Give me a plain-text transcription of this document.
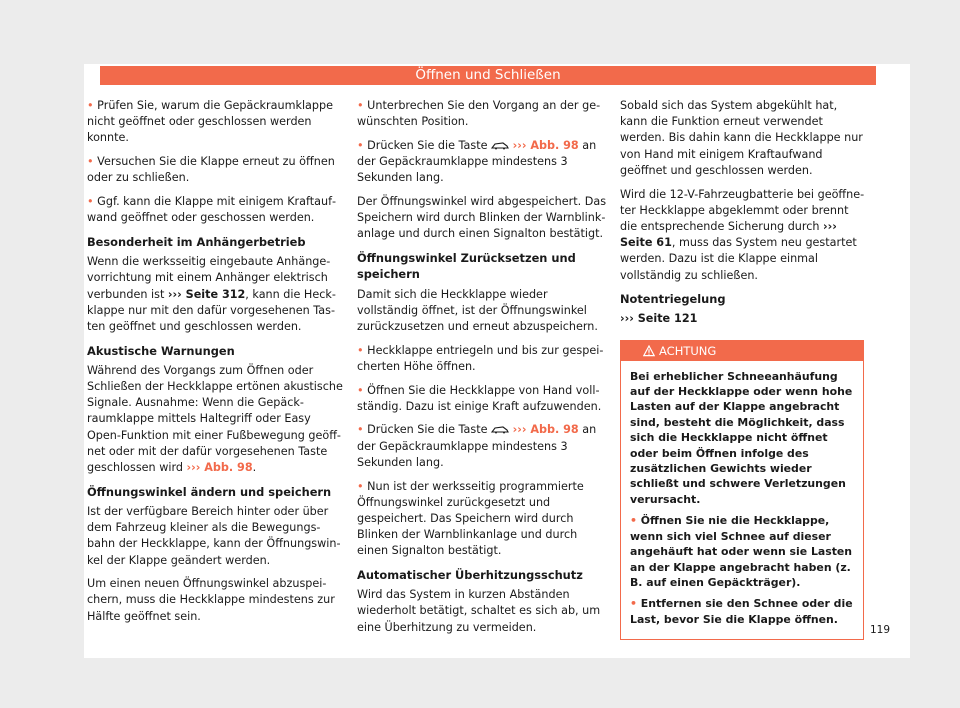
Öffnen und Schließen

• Prüfen Sie, warum die Gepäckraumklappe nicht geöffnet oder geschlossen werden konnte.

• Versuchen Sie die Klappe erneut zu öffnen oder zu schließen.

• Ggf. kann die Klappe mit einigem Kraftaufwand geöffnet oder geschossen werden.

Besonderheit im Anhängerbetrieb

Wenn die werksseitig eingebaute Anhängevorrichtung mit einem Anhänger elektrisch verbunden ist ››› Seite 312, kann die Heckklappe nur mit den dafür vorgesehenen Tasten geöffnet und geschlossen werden.

Akustische Warnungen

Während des Vorgangs zum Öffnen oder Schließen der Heckklappe ertönen akustische Signale. Ausnahme: Wenn die Gepäckraumklappe mittels Haltegriff oder Easy Open-Funktion mit einer Fußbewegung geöffnet oder mit der dafür vorgesehenen Taste geschlossen wird ››› Abb. 98.

Öffnungswinkel ändern und speichern

Ist der verfügbare Bereich hinter oder über dem Fahrzeug kleiner als die Bewegungsbahn der Heckklappe, kann der Öffnungswinkel der Klappe geändert werden.

Um einen neuen Öffnungswinkel abzuspeichern, muss die Heckklappe mindestens zur Hälfte geöffnet sein.

• Unterbrechen Sie den Vorgang an der gewünschten Position.

• Drücken Sie die Taste  ››› Abb. 98 an der Gepäckraumklappe mindestens 3 Sekunden lang.

Der Öffnungswinkel wird abgespeichert. Das Speichern wird durch Blinken der Warnblinkanlage und durch einen Signalton bestätigt.

Öffnungswinkel Zurücksetzen und speichern

Damit sich die Heckklappe wieder vollständig öffnet, ist der Öffnungswinkel zurückzusetzen und erneut abzuspeichern.

• Heckklappe entriegeln und bis zur gespeicherten Höhe öffnen.

• Öffnen Sie die Heckklappe von Hand vollständig. Dazu ist einige Kraft aufzuwenden.

• Drücken Sie die Taste  ››› Abb. 98 an der Gepäckraumklappe mindestens 3 Sekunden lang.

• Nun ist der werksseitig programmierte Öffnungswinkel zurückgesetzt und gespeichert. Das Speichern wird durch Blinken der Warnblinkanlage und durch einen Signalton bestätigt.

Automatischer Überhitzungsschutz

Wird das System in kurzen Abständen wiederholt betätigt, schaltet es sich ab, um eine Überhitzung zu vermeiden.

Sobald sich das System abgekühlt hat, kann die Funktion erneut verwendet werden. Bis dahin kann die Heckklappe nur von Hand mit einigem Kraftaufwand geöffnet und geschlossen werden.

Wird die 12-V-Fahrzeugbatterie bei geöffneter Heckklappe abgeklemmt oder brennt die entsprechende Sicherung durch ››› Seite 61, muss das System neu gestartet werden. Dazu ist die Klappe einmal vollständig zu schließen.

Notentriegelung

››› Seite 121

ACHTUNG

Bei erheblicher Schneeanhäufung auf der Heckklappe oder wenn hohe Lasten auf der Klappe angebracht sind, besteht die Möglichkeit, dass sich die Heckklappe nicht öffnet oder beim Öffnen infolge des zusätzlichen Gewichts wieder schließt und schwere Verletzungen verursacht.

• Öffnen Sie nie die Heckklappe, wenn sich viel Schnee auf dieser angehäuft hat oder wenn sie Lasten an der Klappe angebracht haben (z. B. auf einen Gepäckträger).

• Entfernen sie den Schnee oder die Last, bevor Sie die Klappe öffnen.

119
